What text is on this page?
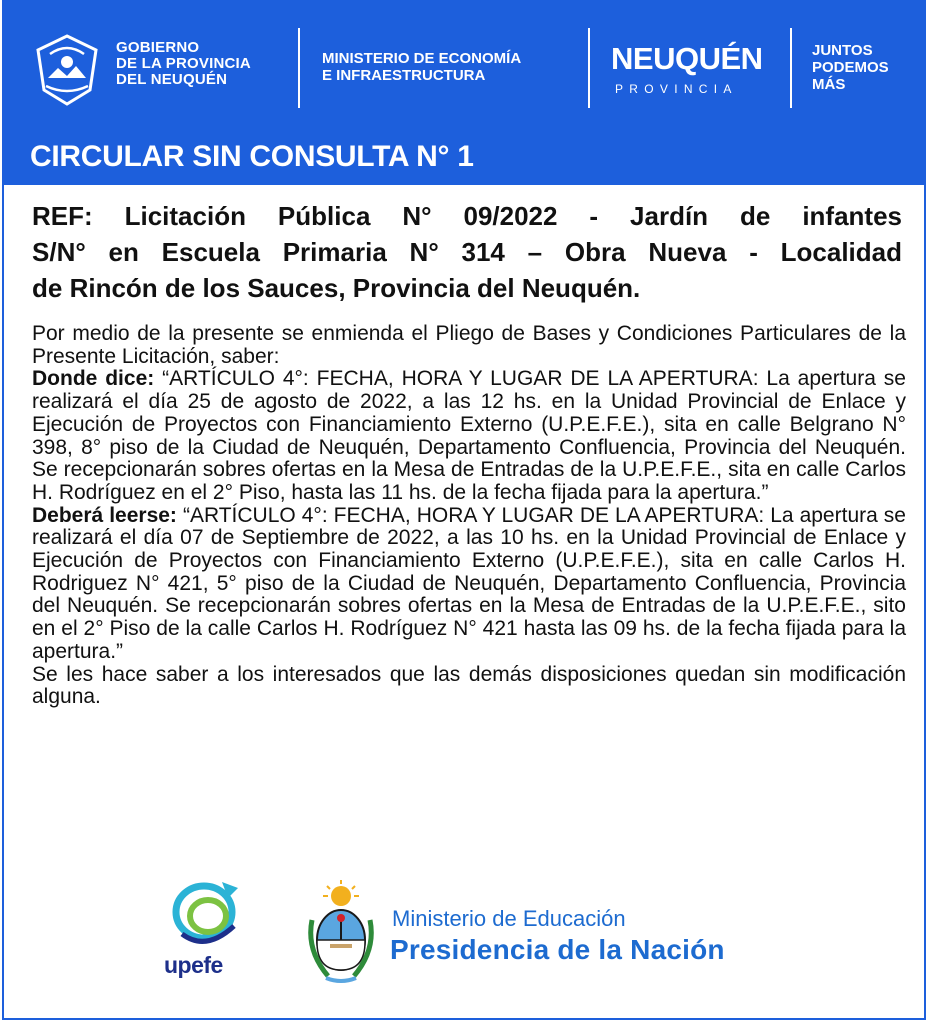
GOBIERNO
DE LA PROVINCIA
DEL NEUQUÉN
MINISTERIO DE ECONOMÍA
E INFRAESTRUCTURA	NEUQUÉN
PROVINCIA
JUNTOS
PODEMOS
MÁS
CIRCULAR SIN CONSULTA N° 1
REF: Licitación Pública N° 09/2022 - Jardín de infantes
S/N° en Escuela Primaria N° 314 – Obra Nueva - Localidad
de Rincón de los Sauces, Provincia del Neuquén.

Por medio de la presente se enmienda el Pliego de Bases y Condiciones Particulares de la Presente Licitación, saber:

Donde dice: “ARTÍCULO 4°: FECHA, HORA Y LUGAR DE LA APERTURA: La apertura se realizará el día 25 de agosto de 2022, a las 12 hs. en la Unidad Provincial de Enlace y Ejecución de Proyectos con Financiamiento Externo (U.P.E.F.E.), sita en calle Belgrano N° 398, 8° piso de la Ciudad de Neuquén, Departamento Confluencia, Provincia del Neuquén. Se recepcionarán sobres ofertas en la Mesa de Entradas de la U.P.E.F.E., sita en calle Carlos H. Rodríguez en el 2° Piso, hasta las 11 hs. de la fecha fijada para la apertura.”

Deberá leerse: “ARTÍCULO 4°: FECHA, HORA Y LUGAR DE LA APERTURA: La apertura se realizará el día 07 de Septiembre de 2022, a las 10 hs. en la Unidad Provincial de Enlace y Ejecución de Proyectos con Financiamiento Externo (U.P.E.F.E.), sita en calle Carlos H. Rodriguez N° 421, 5° piso de la Ciudad de Neuquén, Departamento Confluencia, Provincia del Neuquén. Se recepcionarán sobres ofertas en la Mesa de Entradas de la U.P.E.F.E., sito en el 2° Piso de la calle Carlos H. Rodríguez N° 421 hasta las 09 hs. de la fecha fijada para la apertura.”

Se les hace saber a los interesados que las demás disposiciones quedan sin modificación alguna.

upefe
Ministerio de Educación
Presidencia de la Nación
